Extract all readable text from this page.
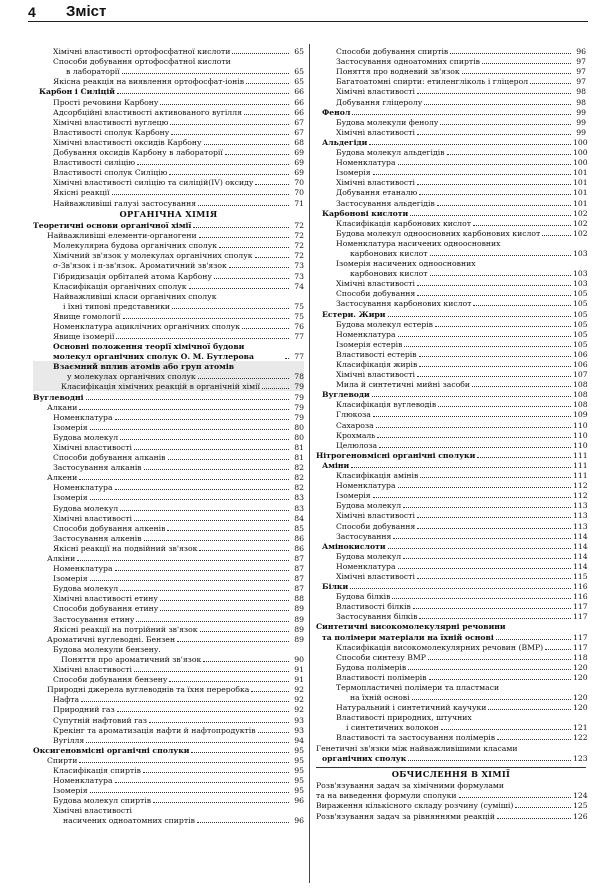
4 Зміст
Хімічні властивості ортофосфатної кислоти	65
Способи добування ортофосфатної кислоти
в лабораторії	65
Якісна реакція на виявлення ортофосфат-іонів	65
Карбон і Силіцій	66
Прості речовини Карбону	66
Адсорбційні властивості активованого вугілля	66
Хімічні властивості вуглецю	67
Властивості сполук Карбону	67
Хімічні властивості оксидів Карбону	68
Добування оксидів Карбону в лабораторії	69
Властивості силіцію	69
Властивості сполук Силіцію	69
Хімічні властивості силіцію та силіцій(IV) оксиду	70
Якісні реакції	70
Найважливіші галузі застосування	71
ОРГАНІЧНА ХІМІЯ
Теоретичні основи органічної хімії	72
Найважливіші елементи-органогени	72
Молекулярна будова органічних сполук	72
Хімічний зв'язок у молекулах органічних сполук	72
σ-Зв'язок і π-зв'язок. Ароматичний зв'язок	73
Гібридизація орбіталей атома Карбону	73
Класифікація органічних сполук	74
Найважливіші класи органічних сполук
і їхні типові представники	75
Явище гомології	75
Номенклатура ациклічних органічних сполук	76
Явище ізомерії	77
Основні положення теорії хімічної будови молекул органічних сполук О. М. Бутлерова	77
Взаємний вплив атомів або груп атомів
у молекулах органічних сполук	78
Класифікація хімічних реакцій в органічній хімії	79
Вуглеводні	79
Алкани	79
Номенклатура	79
Ізомерія	80
Будова молекул	80
Хімічні властивості	81
Способи добування алканів	81
Застосування алканів	82
Алкени	82
Номенклатура	82
Ізомерія	83
Будова молекул	83
Хімічні властивості	84
Способи добування алкенів	85
Застосування алкенів	86
Якісні реакції на подвійний зв'язок	86
Алкіни	87
Номенклатура	87
Ізомерія	87
Будова молекул	87
Хімічні властивості етину	88
Способи добування етину	89
Застосування етину	89
Якісні реакції на потрійний зв'язок	89
Ароматичні вуглеводні. Бензен	89
Будова молекули бензену.
Поняття про ароматичний зв'язок	90
Хімічні властивості	91
Способи добування бензену	91
Природні джерела вуглеводнів та їхня переробка	92
Нафта	92
Природний газ	92
Супутній нафтовий газ	93
Крекінг та ароматизація нафти й нафтопродуктів	93
Вугілля	94
Оксигеновмісні органічні сполуки	95
Спирти	95
Класифікація спиртів	95
Номенклатура	95
Ізомерія	95
Будова молекул спиртів	96
Хімічні властивості
насичених одноатомних спиртів	96
Способи добування спиртів	96
Застосування одноатомних спиртів	97
Поняття про водневий зв'язок	97
Багатоатомні спирти: етиленгліколь і гліцерол	97
Хімічні властивості	98
Добування гліцеролу	98
Фенол	99
Будова молекули фенолу	99
Хімічні властивості	99
Альдегіди	100
Будова молекул альдегідів	100
Номенклатура	100
Ізомерія	101
Хімічні властивості	101
Добування етаналю	101
Застосування альдегідів	101
Карбонові кислоти	102
Класифікація карбонових кислот	102
Будова молекул одноосновних карбонових кислот	102
Номенклатура насичених одноосновних
карбонових кислот	103
Ізомерія насичених одноосновних
карбонових кислот	103
Хімічні властивості	103
Способи добування	105
Застосування карбонових кислот	105
Естери. Жири	105
Будова молекул естерів	105
Номенклатура	105
Ізомерія естерів	105
Властивості естерів	106
Класифікація жирів	106
Хімічні властивості	107
Мила й синтетичні мийні засоби	108
Вуглеводи	108
Класифікація вуглеводів	108
Глюкоза	109
Сахароза	110
Крохмаль	110
Целюлоза	110
Нітрогеновмісні органічні сполуки	111
Аміни	111
Класифікація амінів	111
Номенклатура	112
Ізомерія	112
Будова молекул	113
Хімічні властивості	113
Способи добування	113
Застосування	114
Амінокислоти	114
Будова молекул	114
Номенклатура	114
Хімічні властивості	115
Білки	116
Будова білків	116
Властивості білків	117
Застосування білків	117
Синтетичні високомолекулярні речовини
та полімери матеріали на їхній основі	117
Класифікація високомолекулярних речовин (ВМР)	117
Способи синтезу ВМР	118
Будова полімерів	120
Властивості полімерів	120
Термопластичні полімери та пластмаси
на їхній основі	120
Натуральний і синтетичний каучуки	120
Властивості природних, штучних
і синтетичних волокон	121
Властивості та застосування полімерів	122
Генетичні зв'язки між найважливішими класами
органічних сполук	123
ОБЧИСЛЕННЯ В ХІМІЇ
Розв'язування задач за хімічними формулами
та на виведення формули сполуки	124
Вираження кількісного складу розчину (суміші)	125
Розв'язування задач за рівняннями реакцій	126
